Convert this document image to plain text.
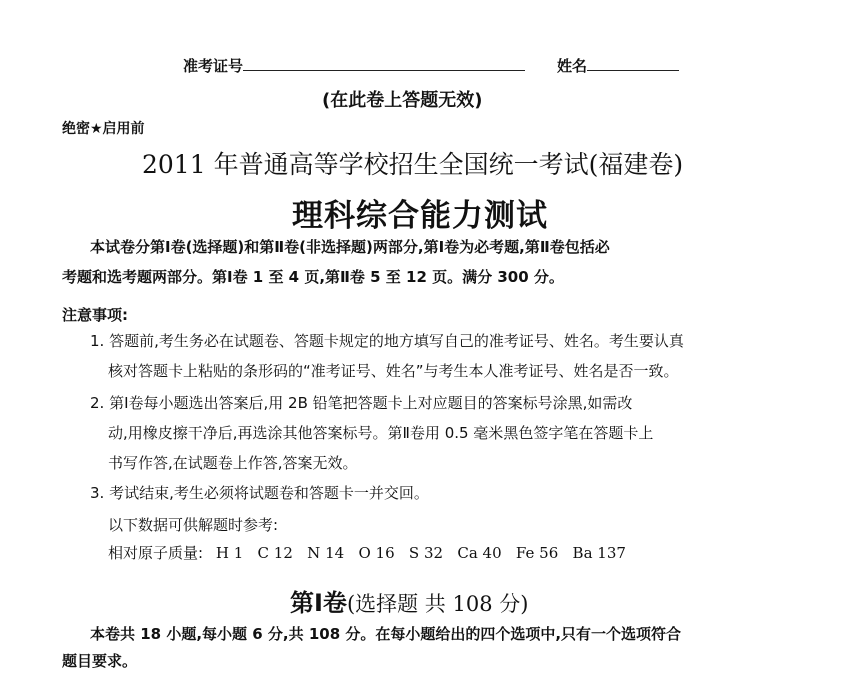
准考证号	姓名
(在此卷上答题无效)
绝密★启用前
2011 年普通高等学校招生全国统一考试(福建卷)
理科综合能力测试
本试卷分第Ⅰ卷(选择题)和第Ⅱ卷(非选择题)两部分,第Ⅰ卷为必考题,第Ⅱ卷包括必
考题和选考题两部分。第Ⅰ卷 1 至 4 页,第Ⅱ卷 5 至 12 页。满分 300 分。
注意事项:
1. 答题前,考生务必在试题卷、答题卡规定的地方填写自己的准考证号、姓名。考生要认真
核对答题卡上粘贴的条形码的“准考证号、姓名”与考生本人准考证号、姓名是否一致。
2. 第Ⅰ卷每小题选出答案后,用 2B 铅笔把答题卡上对应题目的答案标号涂黑,如需改
动,用橡皮擦干净后,再选涂其他答案标号。第Ⅱ卷用 0.5 毫米黑色签字笔在答题卡上
书写作答,在试题卷上作答,答案无效。
3. 考试结束,考生必须将试题卷和答题卡一并交回。
以下数据可供解题时参考:
相对原子质量: H 1   C 12   N 14   O 16   S 32   Ca 40   Fe 56   Ba 137
第Ⅰ卷(选择题 共 108 分)
本卷共 18 小题,每小题 6 分,共 108 分。在每小题给出的四个选项中,只有一个选项符合
题目要求。
